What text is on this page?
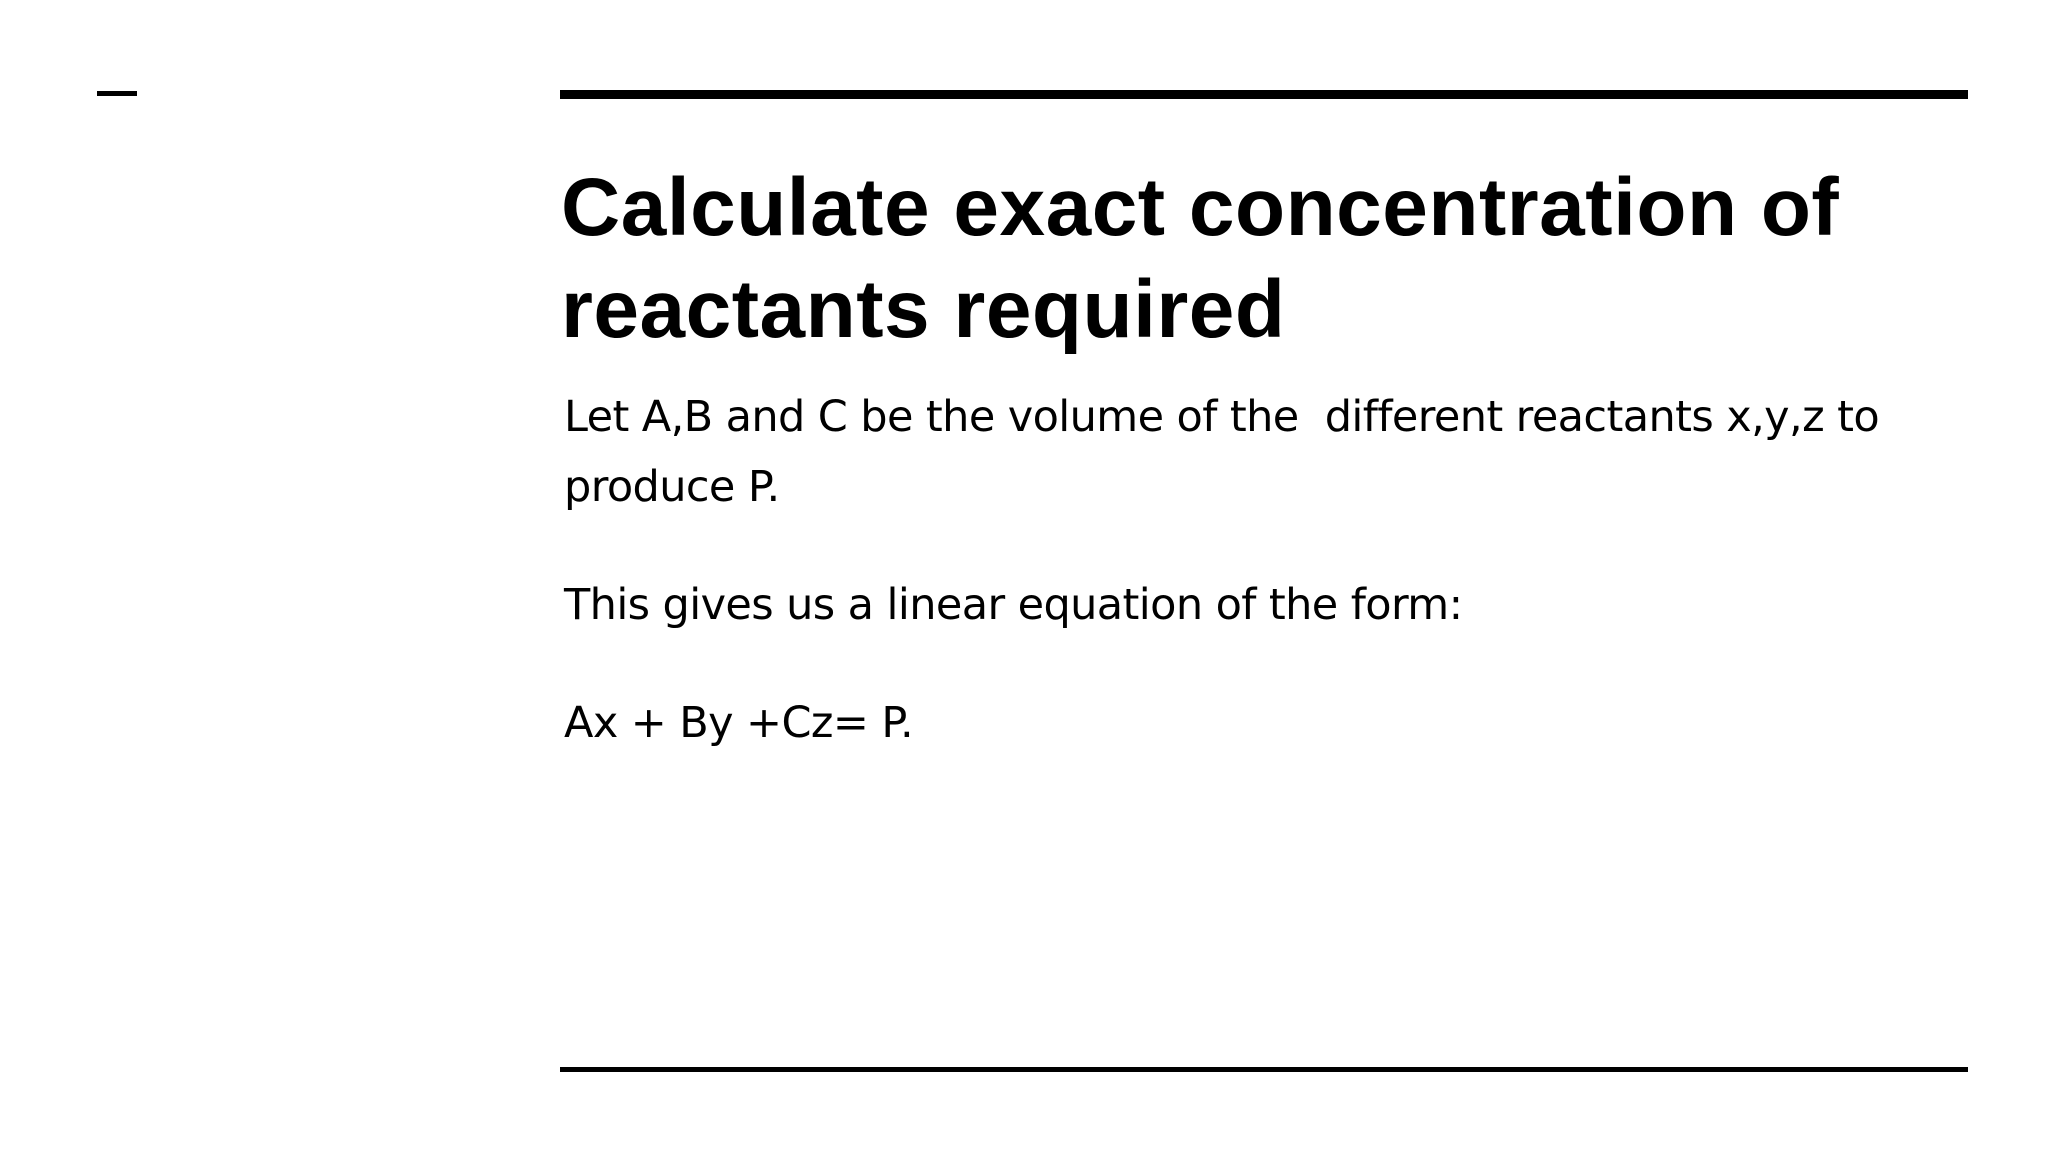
Calculate exact concentration of reactants required

Let A,B and C be the volume of the  different reactants x,y,z to produce P.

This gives us a linear equation of the form:

Ax + By +Cz= P.
